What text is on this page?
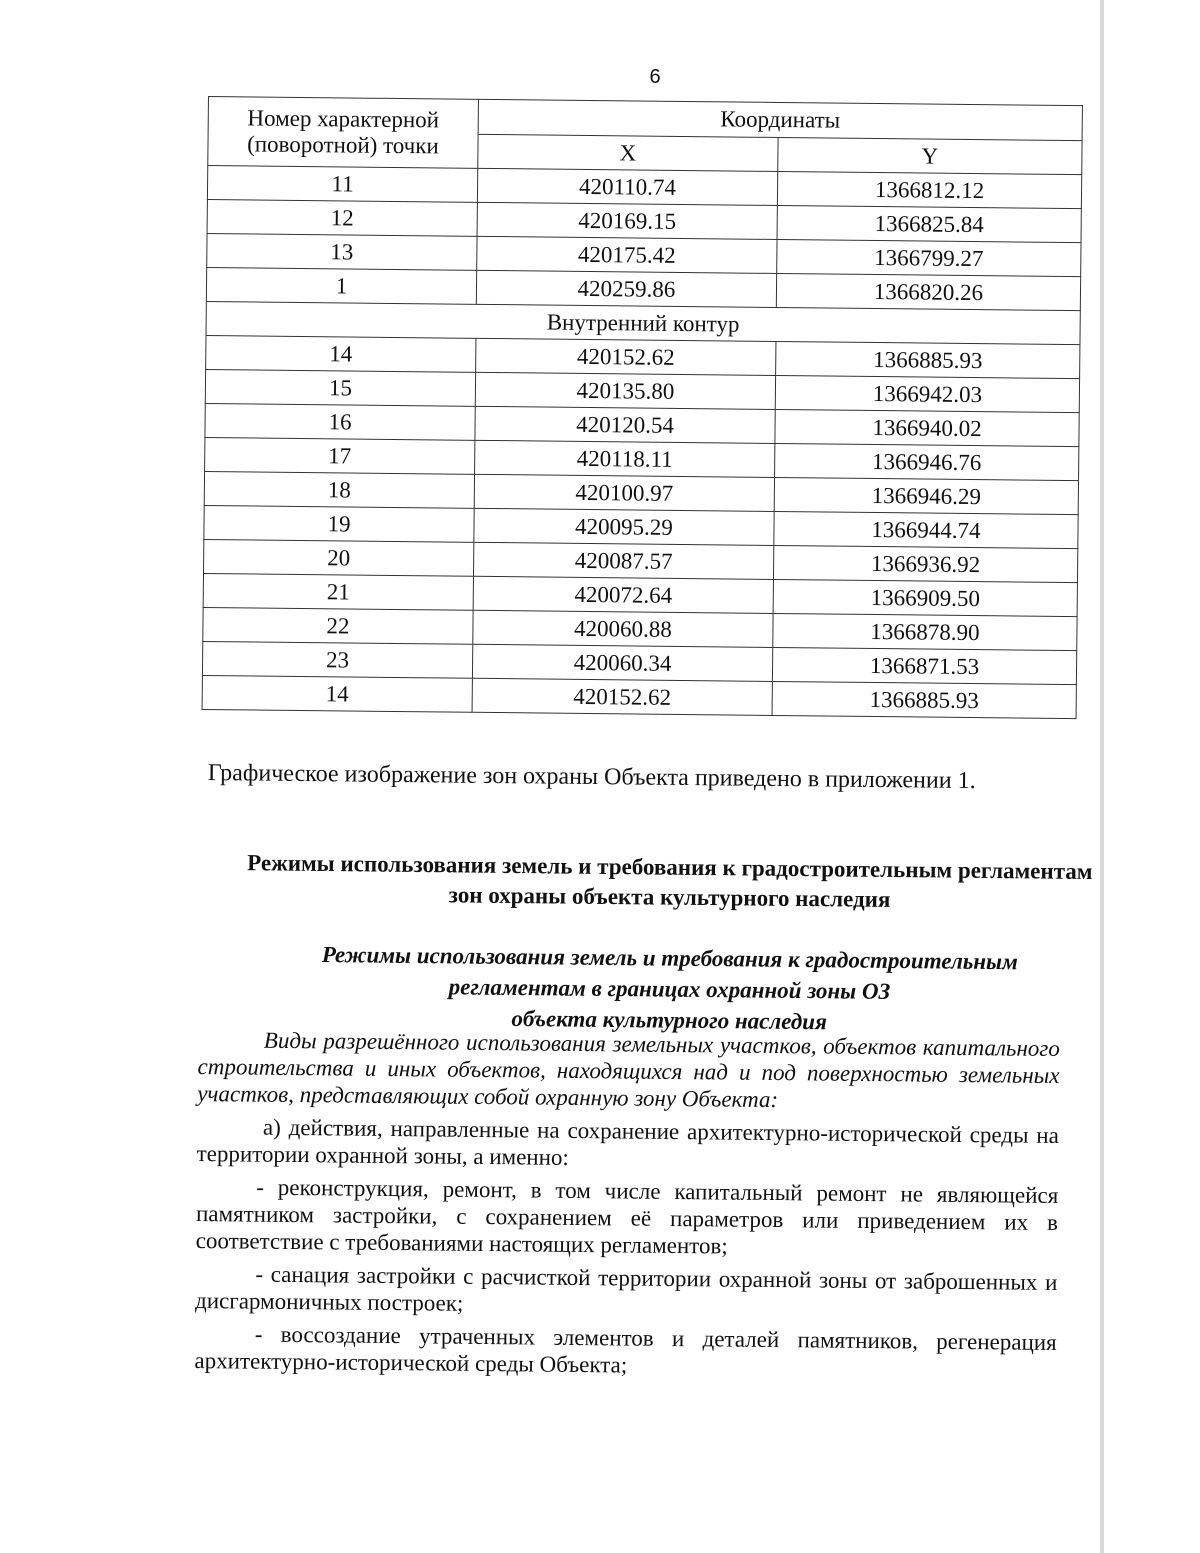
6
Номер характерной (поворотной) точки	Координаты	
	X	Y
11	420110.74	1366812.12
12	420169.15	1366825.84
13	420175.42	1366799.27
1	420259.86	1366820.26
Внутренний контур		
14	420152.62	1366885.93
15	420135.80	1366942.03
16	420120.54	1366940.02
17	420118.11	1366946.76
18	420100.97	1366946.29
19	420095.29	1366944.74
20	420087.57	1366936.92
21	420072.64	1366909.50
22	420060.88	1366878.90
23	420060.34	1366871.53
14	420152.62	1366885.93
Графическое изображение зон охраны Объекта приведено в приложении 1.
Режимы использования земель и требования к градостроительным регламентам зон охраны объекта культурного наследия
Режимы использования земель и требования к градостроительным
регламентам в границах охранной зоны ОЗ
объекта культурного наследия

Виды разрешённого использования земельных участков, объектов капитального строительства и иных объектов, находящихся над и под поверхностью земельных участков, представляющих собой охранную зону Объекта:

а) действия, направленные на сохранение архитектурно-исторической среды на территории охранной зоны, а именно:

- реконструкция, ремонт, в том числе капитальный ремонт не являющейся памятником застройки, с сохранением её параметров или приведением их в соответствие с требованиями настоящих регламентов;

- санация застройки с расчисткой территории охранной зоны от заброшенных и дисгармоничных построек;

- воссоздание утраченных элементов и деталей памятников, регенерация архитектурно-исторической среды Объекта;
